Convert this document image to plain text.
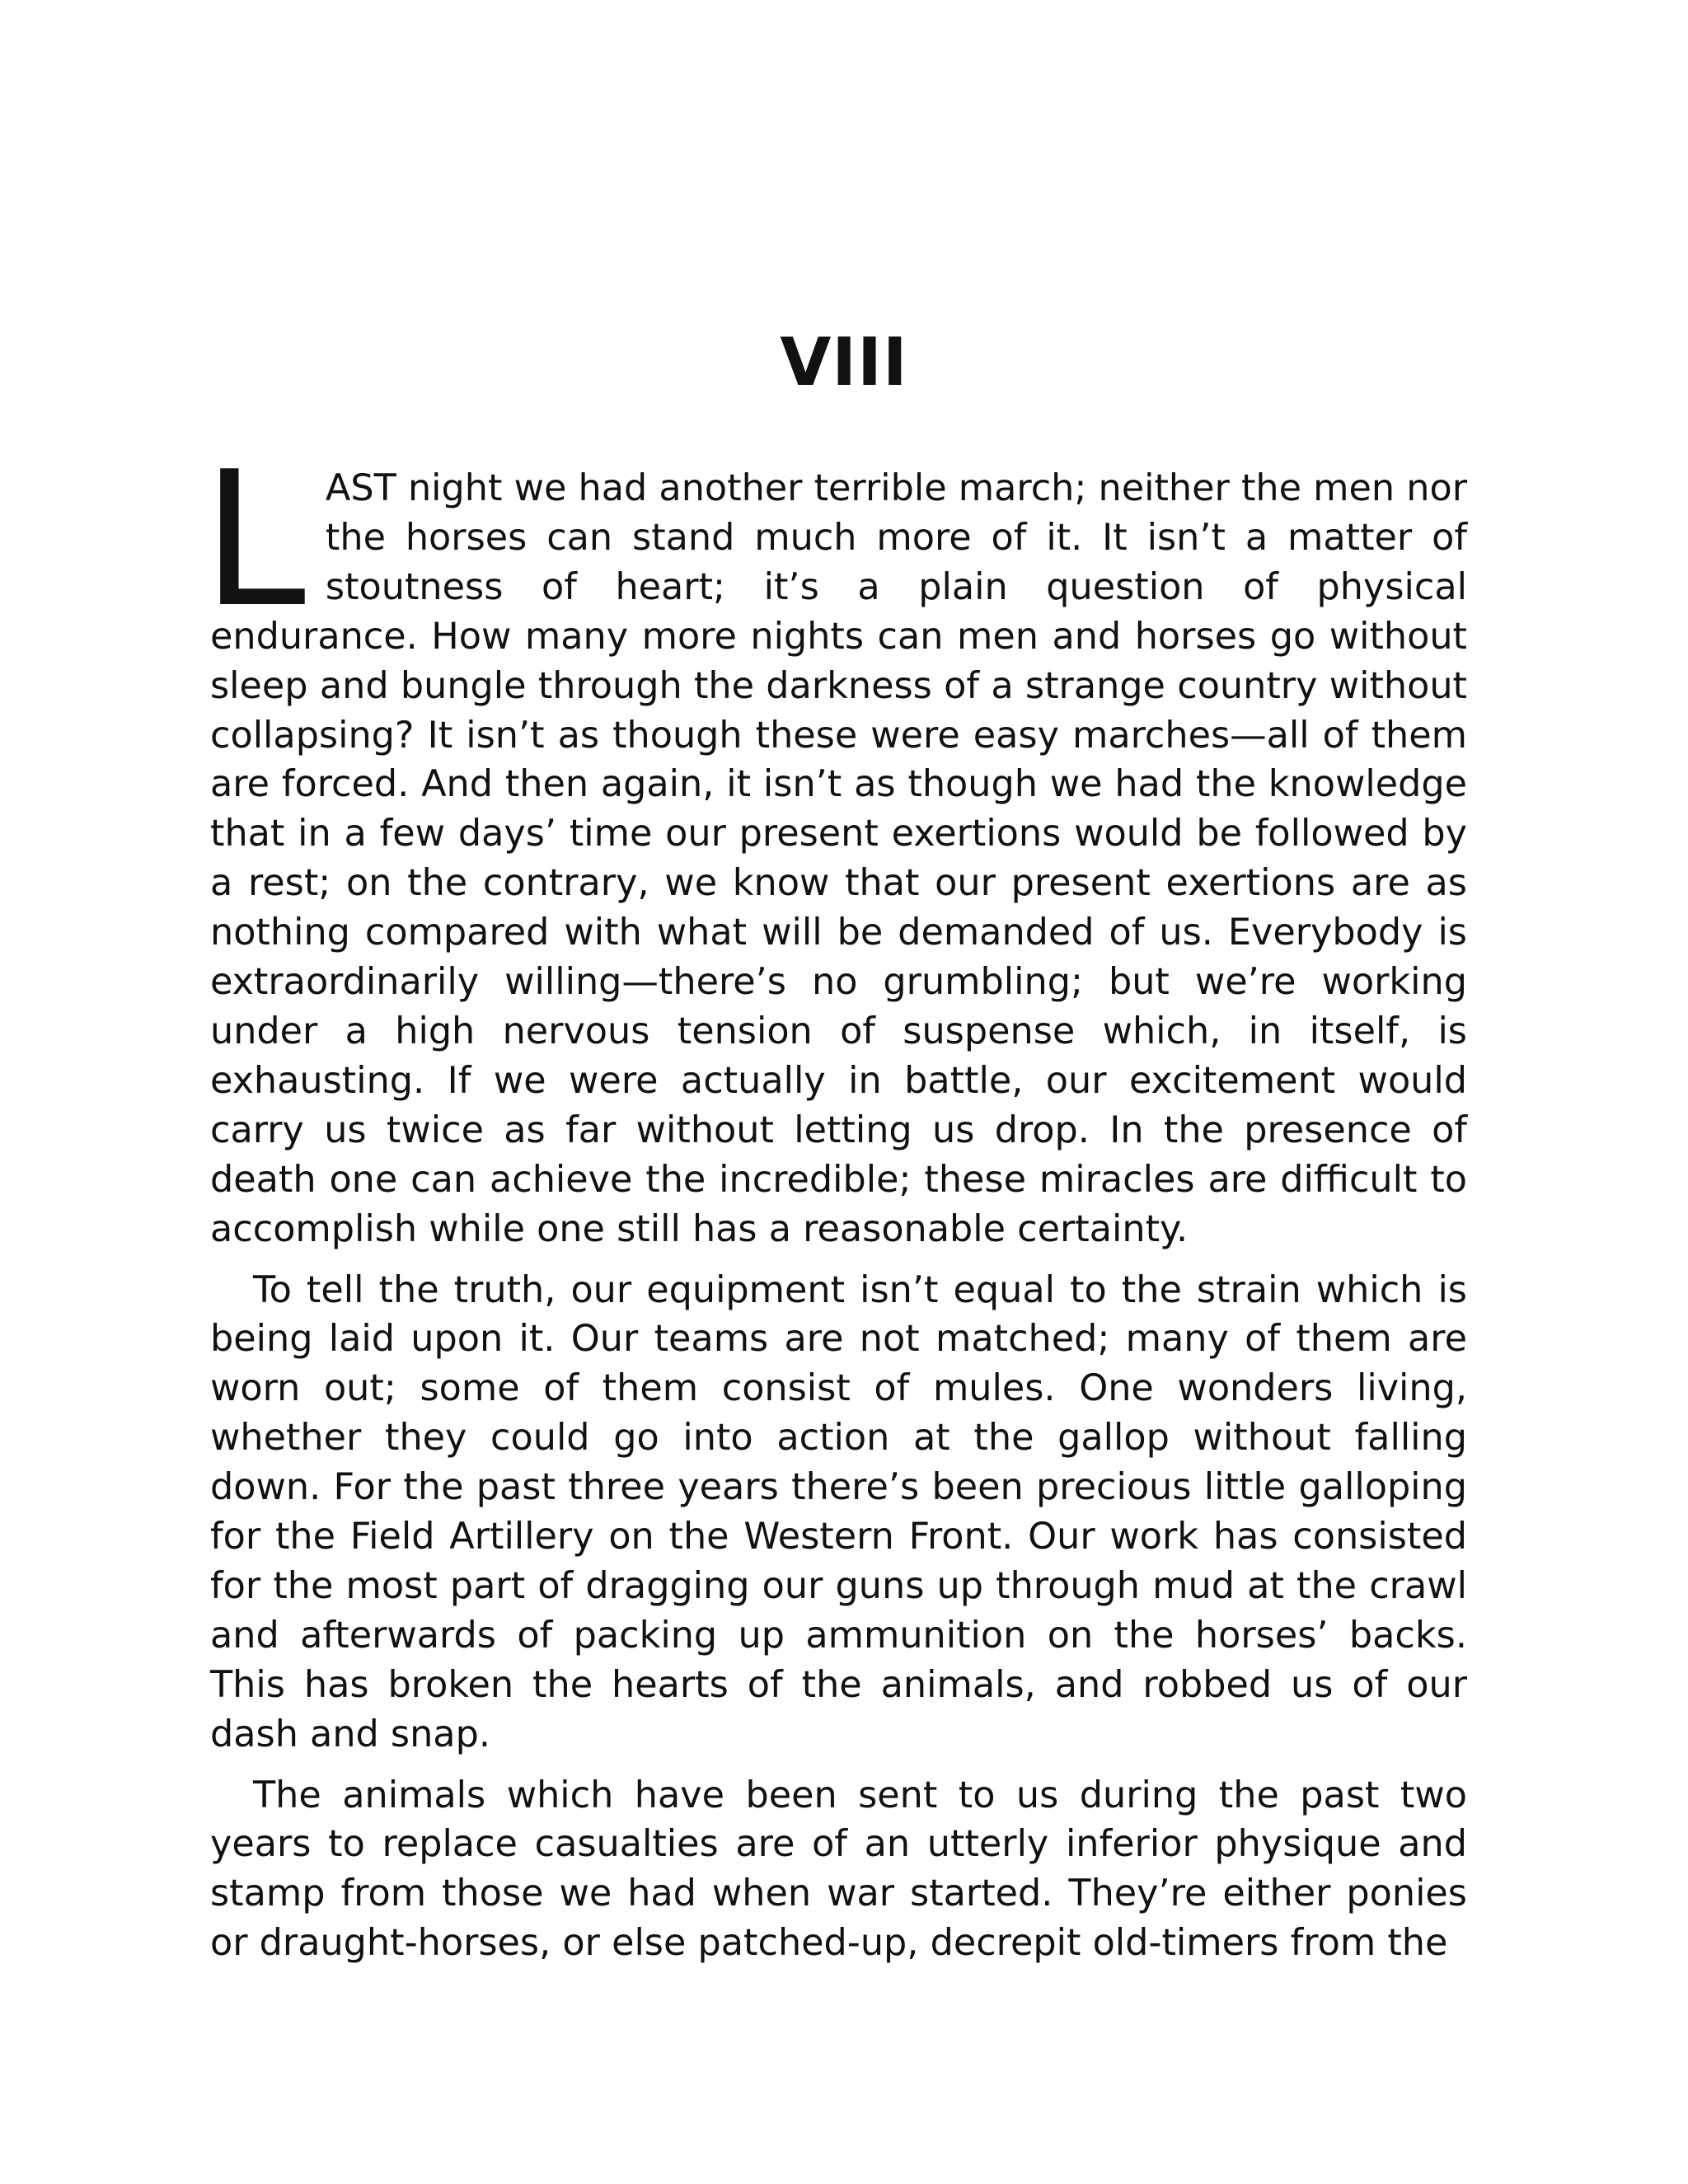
VIII

LAST night we had another terrible march; neither the men nor the horses can stand much more of it. It isn’t a matter of stoutness of heart; it’s a plain question of physical endurance. How many more nights can men and horses go without sleep and bungle through the darkness of a strange country without collapsing? It isn’t as though these were easy marches—all of them are forced. And then again, it isn’t as though we had the knowledge that in a few days’ time our present exertions would be followed by a rest; on the contrary, we know that our present exertions are as nothing compared with what will be demanded of us. Everybody is extraordinarily willing—there’s no grumbling; but we’re working under a high nervous tension of suspense which, in itself, is exhausting. If we were actually in battle, our excitement would carry us twice as far without letting us drop. In the presence of death one can achieve the incredible; these miracles are difficult to accomplish while one still has a reasonable certainty.

To tell the truth, our equipment isn’t equal to the strain which is being laid upon it. Our teams are not matched; many of them are worn out; some of them consist of mules. One wonders living, whether they could go into action at the gallop without falling down. For the past three years there’s been precious little galloping for the Field Artillery on the Western Front. Our work has consisted for the most part of dragging our guns up through mud at the crawl and afterwards of packing up ammunition on the horses’ backs. This has broken the hearts of the animals, and robbed us of our dash and snap.

The animals which have been sent to us during the past two years to replace casualties are of an utterly inferior physique and stamp from those we had when war started. They’re either ponies or draught-horses, or else patched-up, decrepit old-timers from the
